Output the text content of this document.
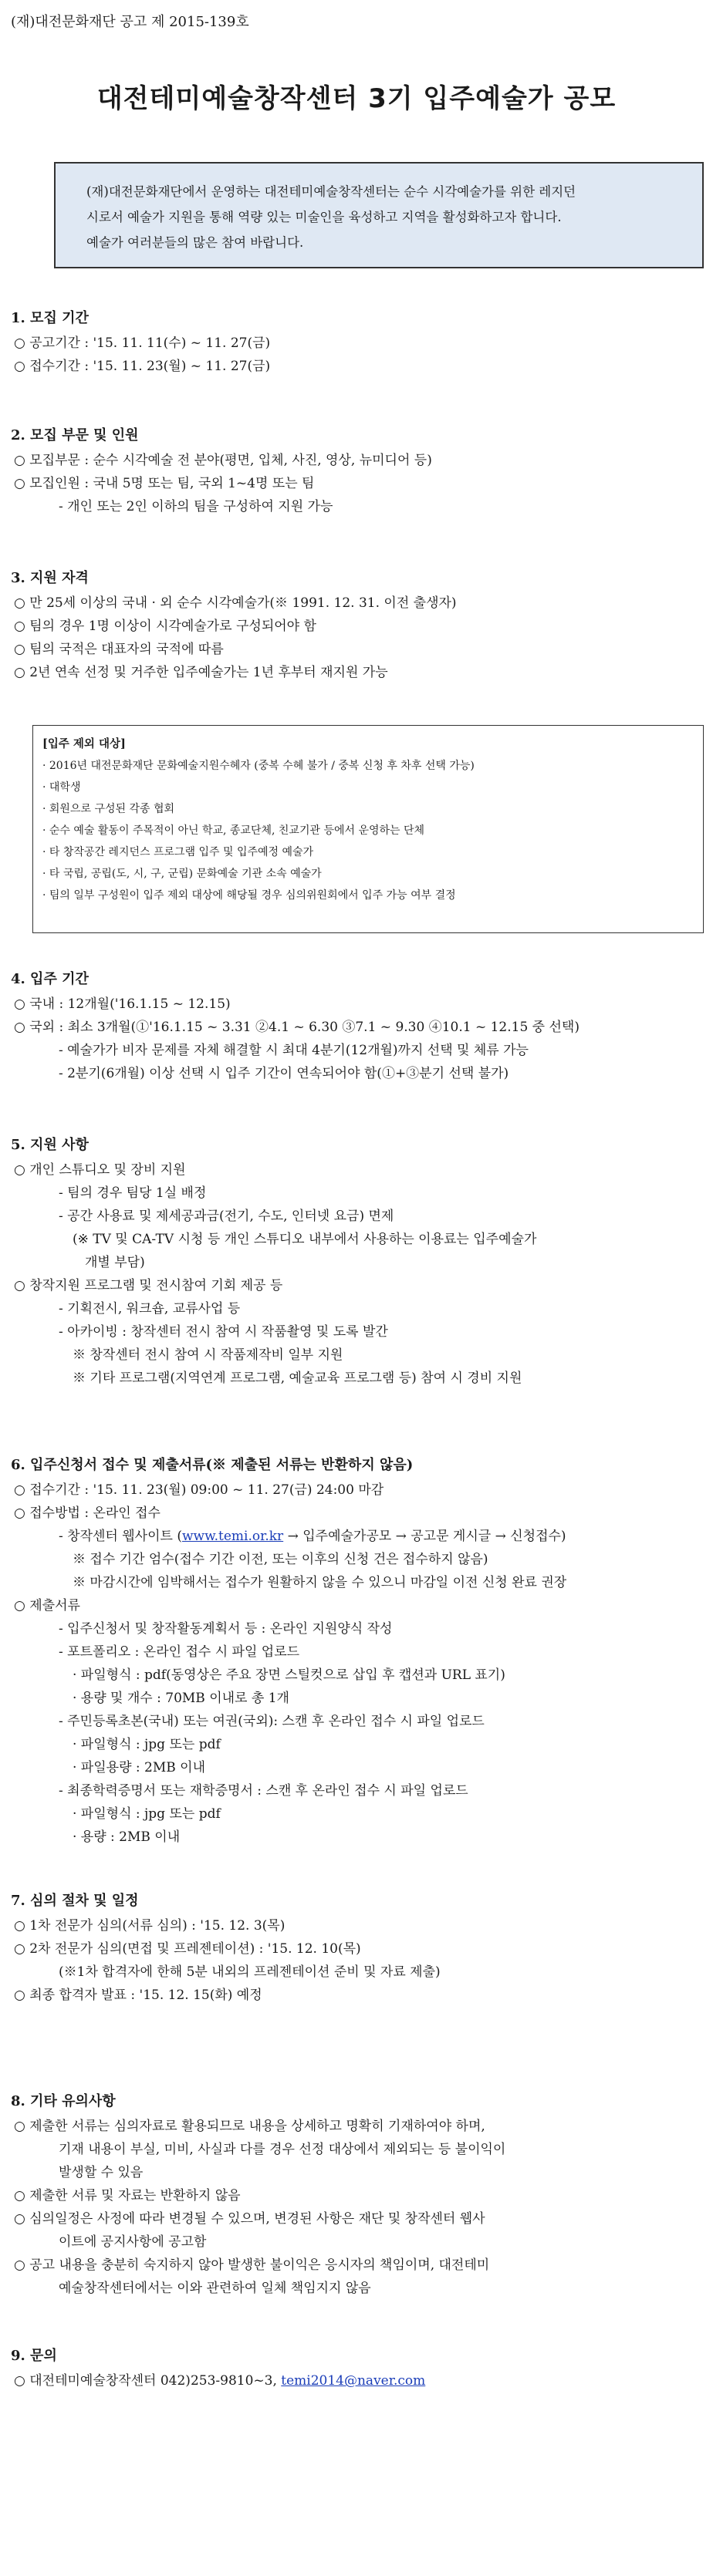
(재)대전문화재단 공고 제 2015-139호
대전테미예술창작센터 3기 입주예술가 공모
(재)대전문화재단에서 운영하는 대전테미예술창작센터는 순수 시각예술가를 위한 레지던
시로서 예술가 지원을 통해 역량 있는 미술인을 육성하고 지역을 활성화하고자 합니다.
예술가 여러분들의 많은 참여 바랍니다.
1. 모집 기간
○ 공고기간 : '15. 11. 11(수) ~ 11. 27(금)
○ 접수기간 : '15. 11. 23(월) ~ 11. 27(금)
2. 모집 부문 및 인원
○ 모집부문 : 순수 시각예술 전 분야(평면, 입체, 사진, 영상, 뉴미디어 등)
○ 모집인원 : 국내 5명 또는 팀, 국외 1~4명 또는 팀
- 개인 또는 2인 이하의 팀을 구성하여 지원 가능
3. 지원 자격
○ 만 25세 이상의 국내 · 외 순수 시각예술가(※ 1991. 12. 31. 이전 출생자)
○ 팀의 경우 1명 이상이 시각예술가로 구성되어야 함
○ 팀의 국적은 대표자의 국적에 따름
○ 2년 연속 선정 및 거주한 입주예술가는 1년 후부터 재지원 가능
[입주 제외 대상]
· 2016년 대전문화재단 문화예술지원수혜자 (중복 수혜 불가 / 중복 신청 후 차후 선택 가능)
· 대학생
· 회원으로 구성된 각종 협회
· 순수 예술 활동이 주목적이 아닌 학교, 종교단체, 친교기관 등에서 운영하는 단체
· 타 창작공간 레지던스 프로그램 입주 및 입주예정 예술가
· 타 국립, 공립(도, 시, 구, 군립) 문화예술 기관 소속 예술가
· 팀의 일부 구성원이 입주 제외 대상에 해당될 경우 심의위원회에서 입주 가능 여부 결정
4. 입주 기간
○ 국내 : 12개월('16.1.15 ~ 12.15)
○ 국외 : 최소 3개월(①'16.1.15 ~ 3.31 ②4.1 ~ 6.30 ③7.1 ~ 9.30 ④10.1 ~ 12.15 중 선택)
- 예술가가 비자 문제를 자체 해결할 시 최대 4분기(12개월)까지 선택 및 체류 가능
- 2분기(6개월) 이상 선택 시 입주 기간이 연속되어야 함(①+③분기 선택 불가)
5. 지원 사항
○ 개인 스튜디오 및 장비 지원
- 팀의 경우 팀당 1실 배정
- 공간 사용료 및 제세공과금(전기, 수도, 인터넷 요금) 면제
(※ TV 및 CA-TV 시청 등 개인 스튜디오 내부에서 사용하는 이용료는 입주예술가
개별 부담)
○ 창작지원 프로그램 및 전시참여 기회 제공 등
- 기획전시, 워크숍, 교류사업 등
- 아카이빙 : 창작센터 전시 참여 시 작품촬영 및 도록 발간
※ 창작센터 전시 참여 시 작품제작비 일부 지원
※ 기타 프로그램(지역연계 프로그램, 예술교육 프로그램 등) 참여 시 경비 지원
6. 입주신청서 접수 및 제출서류(※ 제출된 서류는 반환하지 않음)
○ 접수기간 : '15. 11. 23(월) 09:00 ~ 11. 27(금) 24:00 마감
○ 접수방법 : 온라인 접수
- 창작센터 웹사이트 (www.temi.or.kr → 입주예술가공모 → 공고문 게시글 → 신청접수)
※ 접수 기간 엄수(접수 기간 이전, 또는 이후의 신청 건은 접수하지 않음)
※ 마감시간에 임박해서는 접수가 원활하지 않을 수 있으니 마감일 이전 신청 완료 권장
○ 제출서류
- 입주신청서 및 창작활동계획서 등 : 온라인 지원양식 작성
- 포트폴리오 : 온라인 접수 시 파일 업로드
· 파일형식 : pdf(동영상은 주요 장면 스틸컷으로 삽입 후 캡션과 URL 표기)
· 용량 및 개수 : 70MB 이내로 총 1개
- 주민등록초본(국내) 또는 여권(국외): 스캔 후 온라인 접수 시 파일 업로드
· 파일형식 : jpg 또는 pdf
· 파일용량 : 2MB 이내
- 최종학력증명서 또는 재학증명서 : 스캔 후 온라인 접수 시 파일 업로드
· 파일형식 : jpg 또는 pdf
· 용량 : 2MB 이내
7. 심의 절차 및 일정
○ 1차 전문가 심의(서류 심의) : '15. 12. 3(목)
○ 2차 전문가 심의(면접 및 프레젠테이션) : '15. 12. 10(목)
(※1차 합격자에 한해 5분 내외의 프레젠테이션 준비 및 자료 제출)
○ 최종 합격자 발표 : '15. 12. 15(화) 예정
8. 기타 유의사항
○ 제출한 서류는 심의자료로 활용되므로 내용을 상세하고 명확히 기재하여야 하며,
기재 내용이 부실, 미비, 사실과 다를 경우 선정 대상에서 제외되는 등 불이익이
발생할 수 있음
○ 제출한 서류 및 자료는 반환하지 않음
○ 심의일정은 사정에 따라 변경될 수 있으며, 변경된 사항은 재단 및 창작센터 웹사
이트에 공지사항에 공고함
○ 공고 내용을 충분히 숙지하지 않아 발생한 불이익은 응시자의 책임이며, 대전테미
예술창작센터에서는 이와 관련하여 일체 책임지지 않음
9. 문의
○ 대전테미예술창작센터 042)253-9810~3, temi2014@naver.com
